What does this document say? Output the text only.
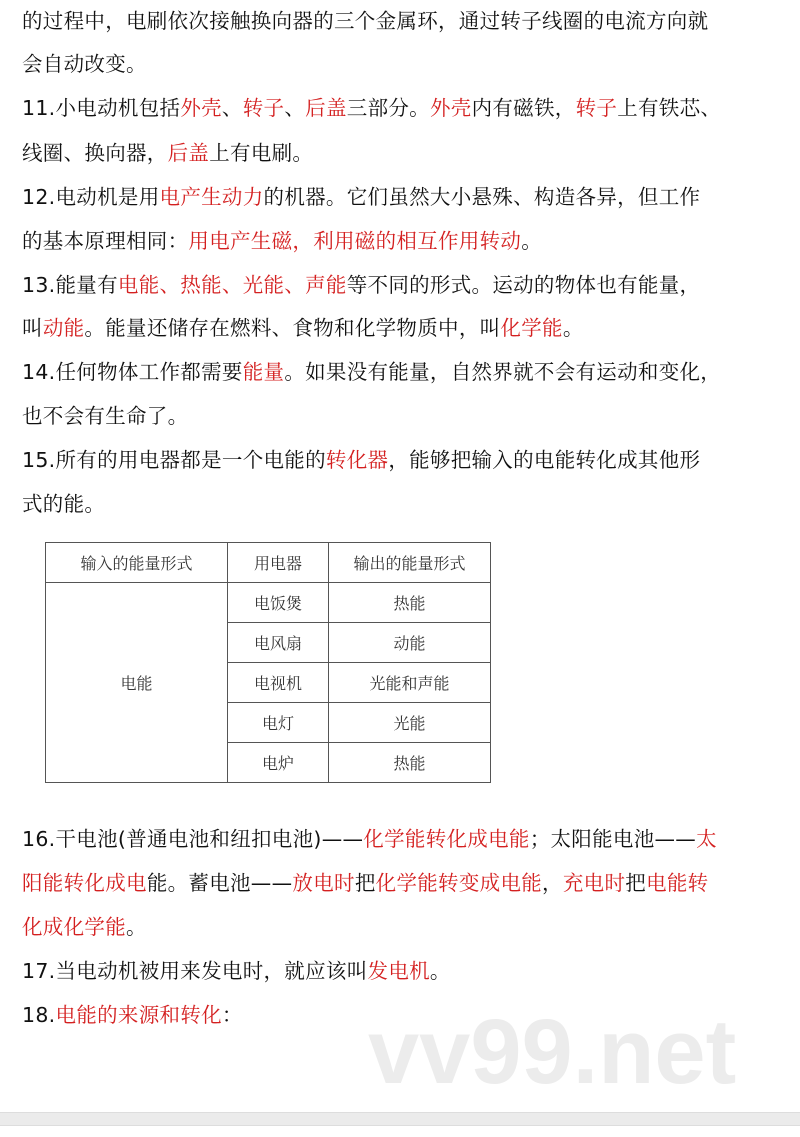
的过程中，电刷依次接触换向器的三个金属环，通过转子线圈的电流方向就
会自动改变。
11.小电动机包括外壳、转子、后盖三部分。外壳内有磁铁，转子上有铁芯、
线圈、换向器，后盖上有电刷。
12.电动机是用电产生动力的机器。它们虽然大小悬殊、构造各异，但工作
的基本原理相同：用电产生磁，利用磁的相互作用转动。
13.能量有电能、热能、光能、声能等不同的形式。运动的物体也有能量，
叫动能。能量还储存在燃料、食物和化学物质中，叫化学能。
14.任何物体工作都需要能量。如果没有能量，自然界就不会有运动和变化，
也不会有生命了。
15.所有的用电器都是一个电能的转化器，能够把输入的电能转化成其他形
式的能。
16.干电池(普通电池和纽扣电池)——化学能转化成电能；太阳能电池——太
阳能转化成电能。蓄电池——放电时把化学能转变成电能，充电时把电能转
化成化学能。
17.当电动机被用来发电时，就应该叫发电机。
18.电能的来源和转化：
输入的能量形式	用电器	输出的能量形式
电能	电饭煲	热能
	电风扇	动能
	电视机	光能和声能
	电灯	光能
	电炉	热能
vv99.net
